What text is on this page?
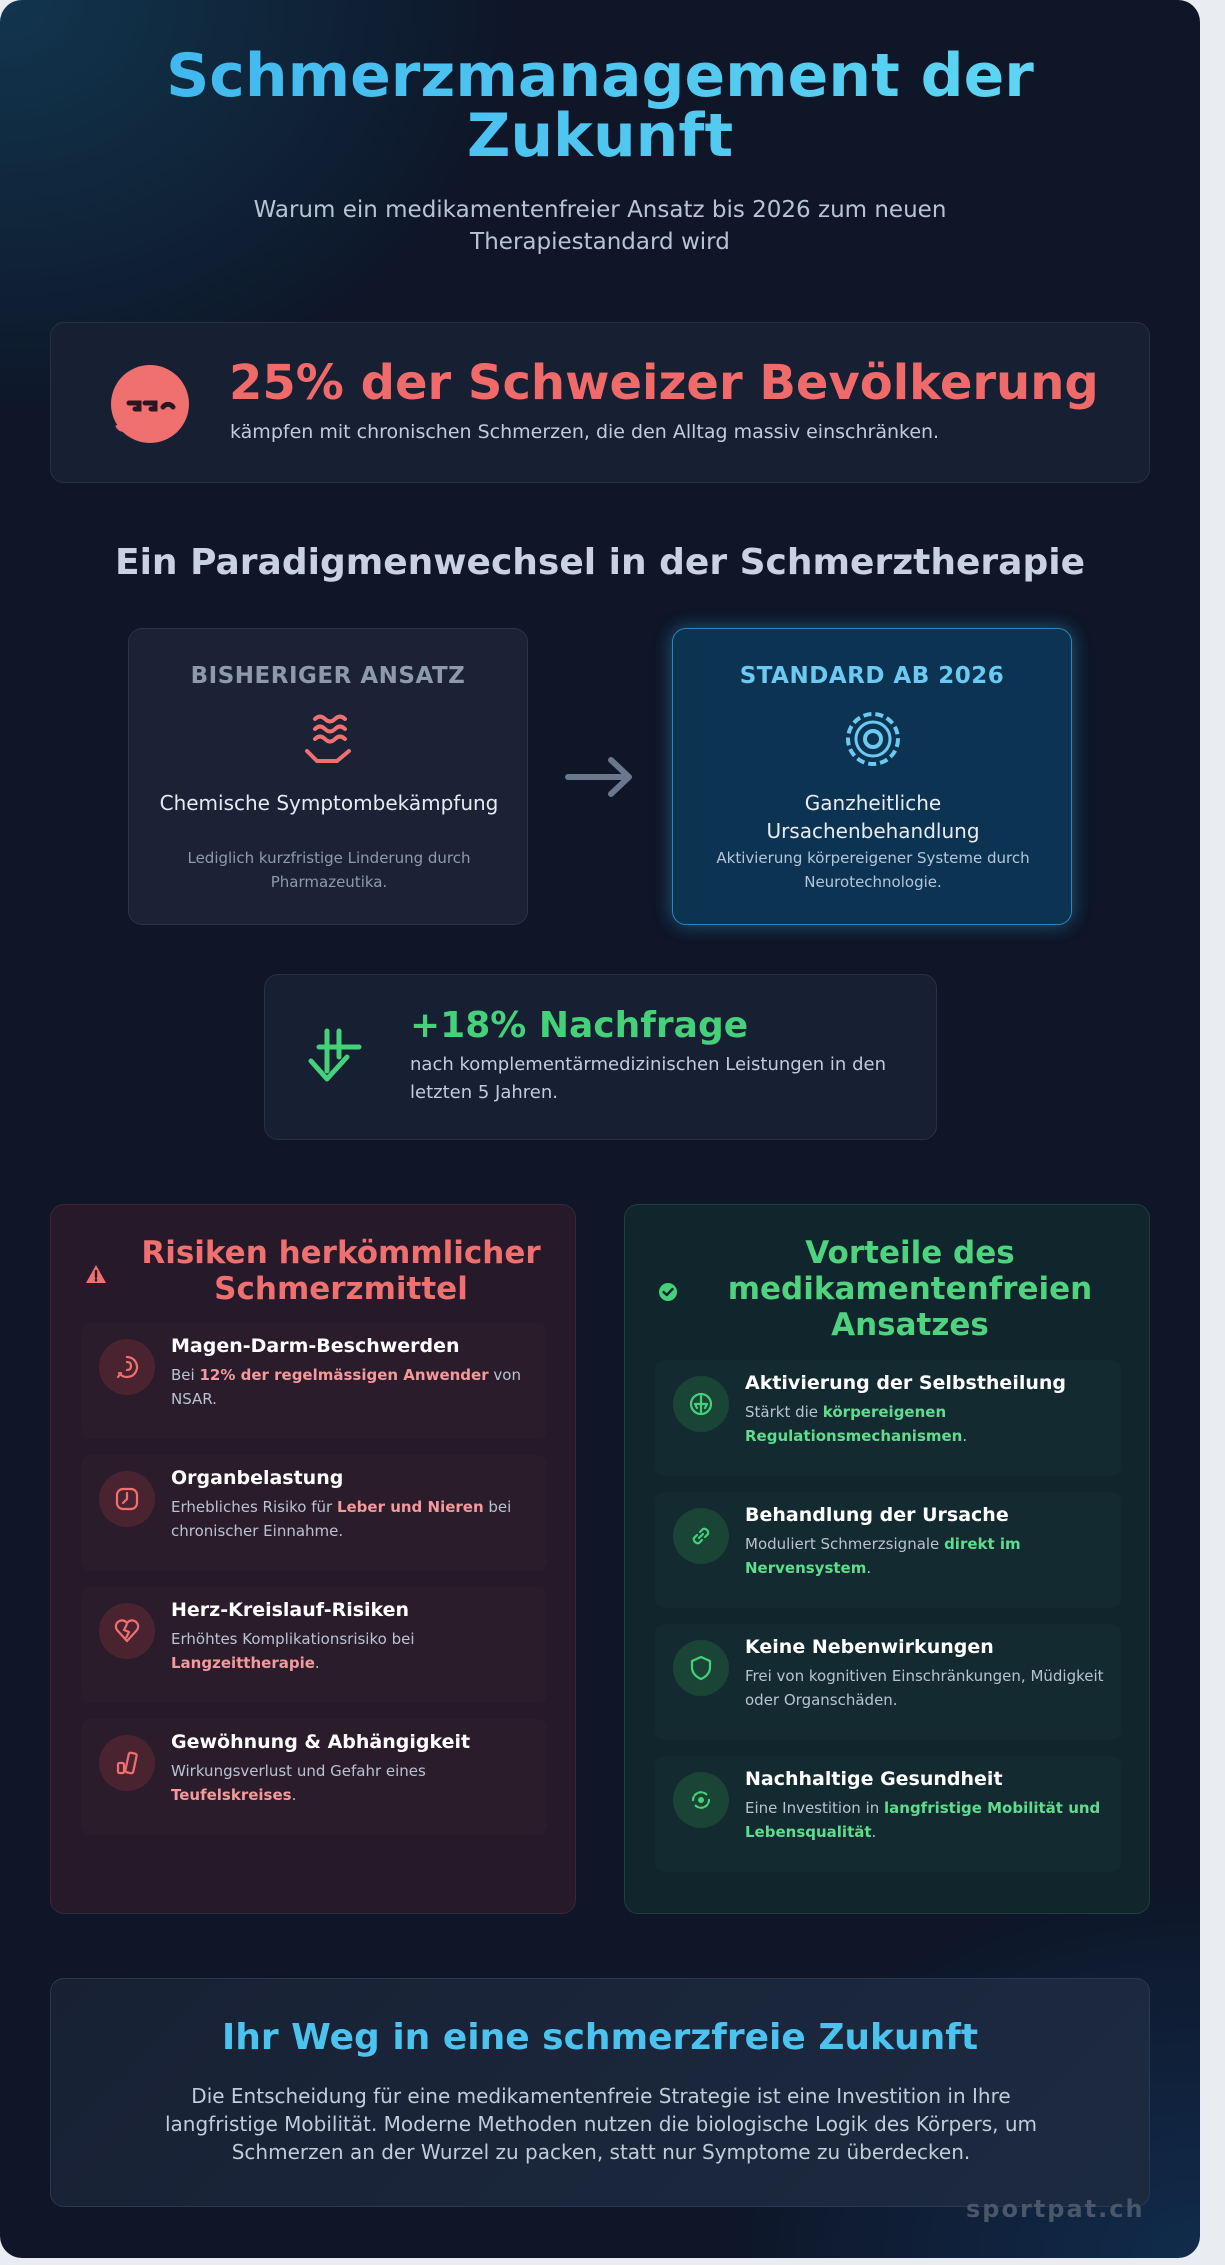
Schmerzmanagement der Zukunft
Warum ein medikamentenfreier Ansatz bis 2026 zum neuen Therapiestandard wird
25% der Schweizer Bevölkerung
kämpfen mit chronischen Schmerzen, die den Alltag massiv einschränken.
Ein Paradigmenwechsel in der Schmerztherapie
BISHERIGER ANSATZ
Chemische Symptombekämpfung
Lediglich kurzfristige Linderung durch Pharmazeutika.
STANDARD AB 2026
Ganzheitliche Ursachenbehandlung
Aktivierung körpereigener Systeme durch Neurotechnologie.
+18% Nachfrage
nach komplementärmedizinischen Leistungen in den letzten 5 Jahren.
Risiken herkömmlicher Schmerzmittel
Magen-Darm-Beschwerden
Bei 12% der regelmässigen Anwender von NSAR.
Organbelastung
Erhebliches Risiko für Leber und Nieren bei chronischer Einnahme.
Herz-Kreislauf-Risiken
Erhöhtes Komplikationsrisiko bei Langzeittherapie.
Gewöhnung & Abhängigkeit
Wirkungsverlust und Gefahr eines Teufelskreises.
Vorteile des medikamentenfreien Ansatzes
Aktivierung der Selbstheilung
Stärkt die körpereigenen Regulationsmechanismen.
Behandlung der Ursache
Moduliert Schmerzsignale direkt im Nervensystem.
Keine Nebenwirkungen
Frei von kognitiven Einschränkungen, Müdigkeit oder Organschäden.
Nachhaltige Gesundheit
Eine Investition in langfristige Mobilität und Lebensqualität.
Ihr Weg in eine schmerzfreie Zukunft
Die Entscheidung für eine medikamentenfreie Strategie ist eine Investition in Ihre langfristige Mobilität. Moderne Methoden nutzen die biologische Logik des Körpers, um Schmerzen an der Wurzel zu packen, statt nur Symptome zu überdecken.
sportpat.ch
